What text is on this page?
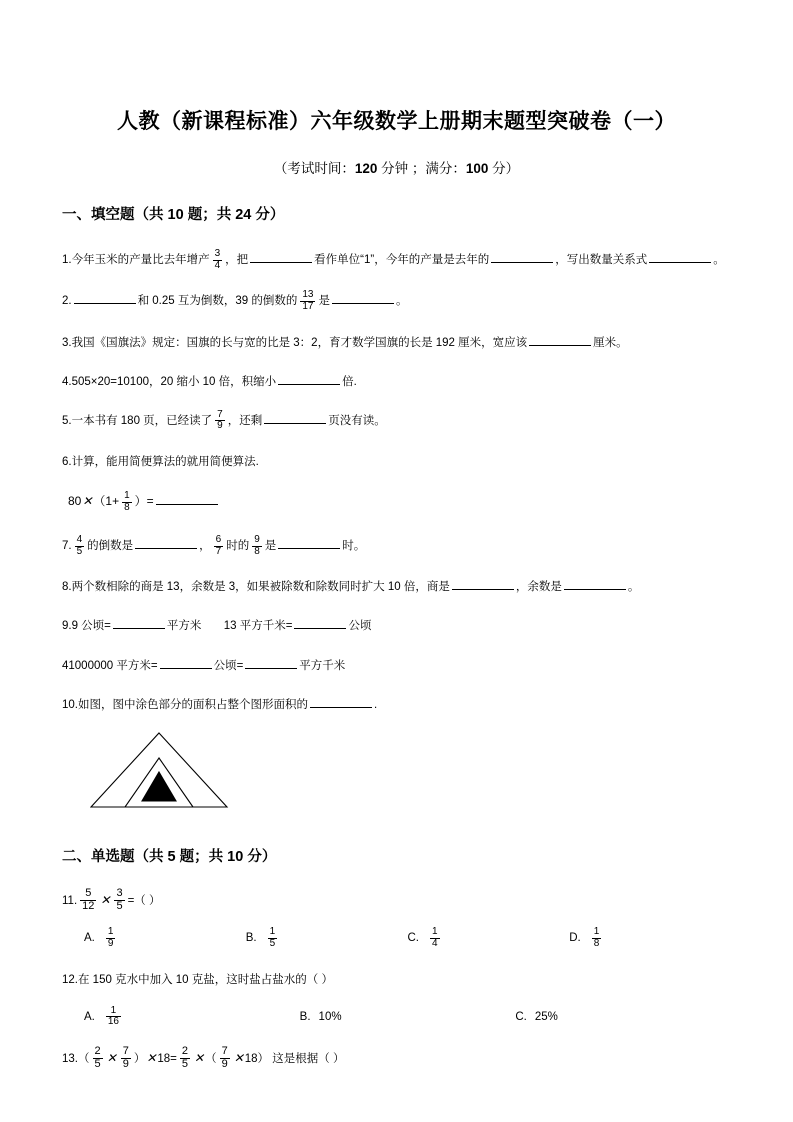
人教（新课程标准）六年级数学上册期末题型突破卷（一）
（考试时间：120 分钟 ；满分：100 分）
一、填空题（共 10 题；共 24 分）
1.今年玉米的产量比去年增产 $\frac{3}{4}$ ，把	看作单位“1”，今年的产量是去年的	，写出数量关系式	。
2.	和 0.25 互为倒数，39 的倒数的 $\frac{13}{17}$ 是	。
3.我国《国旗法》规定：国旗的长与宽的比是 3：2，育才数学国旗的长是 192 厘米，宽应该	厘米。
4.505×20=10100，20 缩小 10 倍，积缩小	倍.
5.一本书有 180 页，已经读了 $\frac{7}{9}$ ，还剩	页没有读。
6.计算，能用简便算法的就用简便算法.
80✕（1+ $\frac{1}{8}$ ）=
7. $\frac{4}{5}$ 的倒数是	， $\frac{6}{7}$ 时的 $\frac{9}{8}$ 是	时。
8.两个数相除的商是 13，余数是 3，如果被除数和除数同时扩大 10 倍，商是	，余数是	。
9.9 公顷=	平方米 13 平方千米=	公顷
41000000 平方米=	公顷=	平方千米
10.如图，图中涂色部分的面积占整个图形面积的	.
二、单选题（共 5 题；共 10 分）
11. $\frac{5}{12}$ ✕ $\frac{3}{5}$ =（ ）
A. $\frac{1}{9}$	B. $\frac{1}{5}$	C. $\frac{1}{4}$	D. $\frac{1}{8}$
12.在 150 克水中加入 10 克盐，这时盐占盐水的（ ）
A. $\frac{1}{16}$	B. 10%	C. 25%
$13.( \frac{2}{5}$ ✕ $\frac{7}{9}$ ）✕18= $\frac{2}{5}$ ✕（ $\frac{7}{9}$ ✕18） 这是根据（ ）
